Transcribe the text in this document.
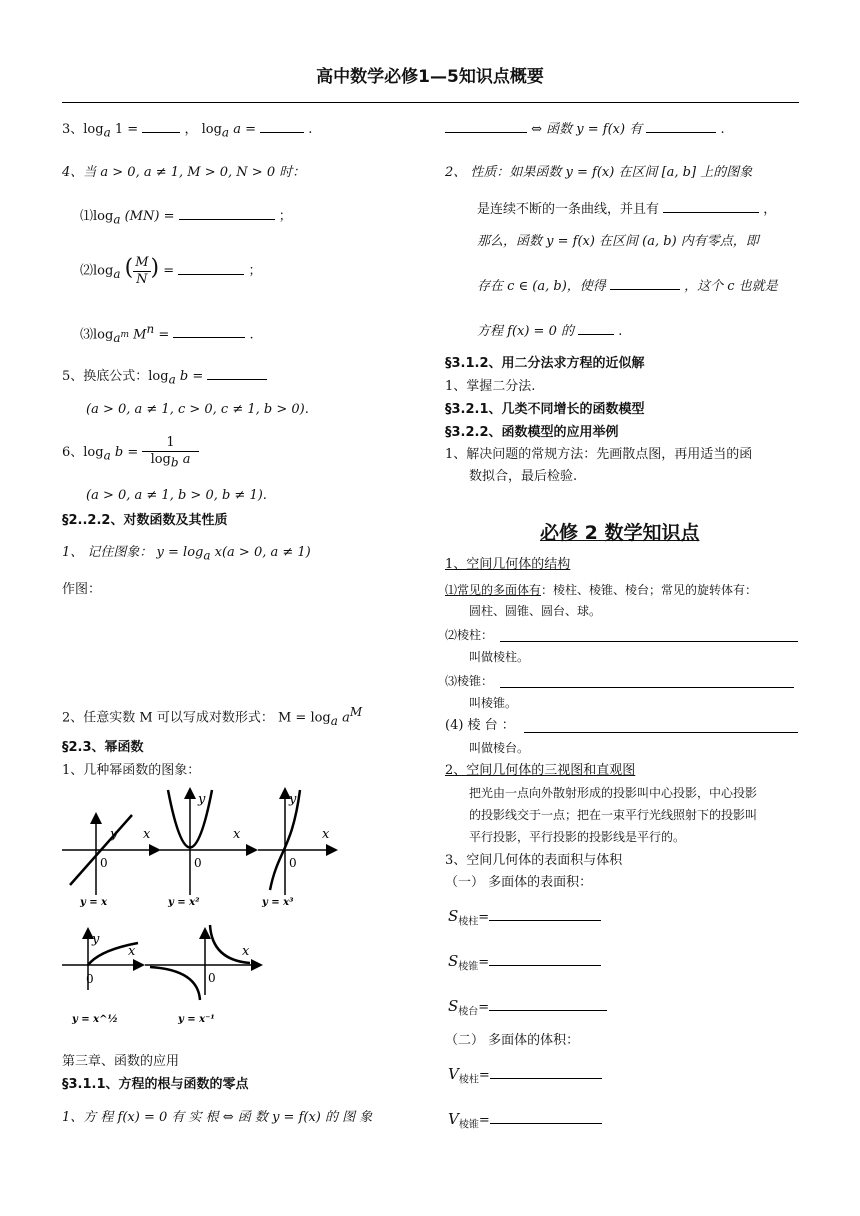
高中数学必修1—5知识点概要
3、$\log_a 1$ =	， $\log_a a$ =	.
4、当 a > 0, a ≠ 1, M > 0, N > 0 时：
$⑴\log_a$ (MN) =	；
$⑵\log_a$ ( $\frac{M}{N}$ ) =	；
$⑶\log_{a^m}$ $M^n$ =	.
5、换底公式：$\log_a b$ =
(a > 0, a ≠ 1, c > 0, c ≠ 1, b > 0).
6、$\log_a b = \frac{1}{\log_b a}$
(a > 0, a ≠ 1, b > 0, b ≠ 1).
§2..2.2、对数函数及其性质
1、 记住图象： $y = \log_a x(a > 0$, a ≠ 1)
作图：
2、任意实数 M 可以写成对数形式： $M = \log_a a^M$
§2.3、幂函数
1、几种幂函数的图象：
y x
0
y = x
y
x
0
y = x²
y
x
0
y = x³
y
x
0
y = x^½
x
0
y = x⁻¹
第三章、函数的应用
§3.1.1、方程的根与函数的零点
1、方 程 f(x) = 0 有 实 根 ⇔ 函 数 y = f(x) 的 图 象
⇔ 函数 y = f(x) 有	.
2、 性质：如果函数 y = f(x) 在区间 [a, b] 上的图象
是连续不断的一条曲线，并且有	，
那么，函数 y = f(x) 在区间 (a, b) 内有零点，即
存在 c ∈ (a, b)，使得	，这个 c 也就是
方程 f(x) = 0 的	.
§3.1.2、用二分法求方程的近似解
1、掌握二分法.
§3.2.1、几类不同增长的函数模型
§3.2.2、函数模型的应用举例
1、解决问题的常规方法：先画散点图，再用适当的函
数拟合，最后检验.
必修 2 数学知识点
1、空间几何体的结构
⑴常见的多面体有：棱柱、棱锥、棱台；常见的旋转体有：
圆柱、圆锥、圆台、球。
⑵棱柱：
叫做棱柱。
⑶棱锥：
叫棱锥。
(4) 棱 台 ：
叫做棱台。
2、空间几何体的三视图和直观图
把光由一点向外散射形成的投影叫中心投影，中心投影
的投影线交于一点；把在一束平行光线照射下的投影叫
平行投影，平行投影的投影线是平行的。
3、空间几何体的表面积与体积
（一） 多面体的表面积：
$S_{棱柱}=$
$S_{棱锥}=$
$S_{棱台}=$
（二） 多面体的体积：
$V_{棱柱}=$
$V_{棱锥}=$
